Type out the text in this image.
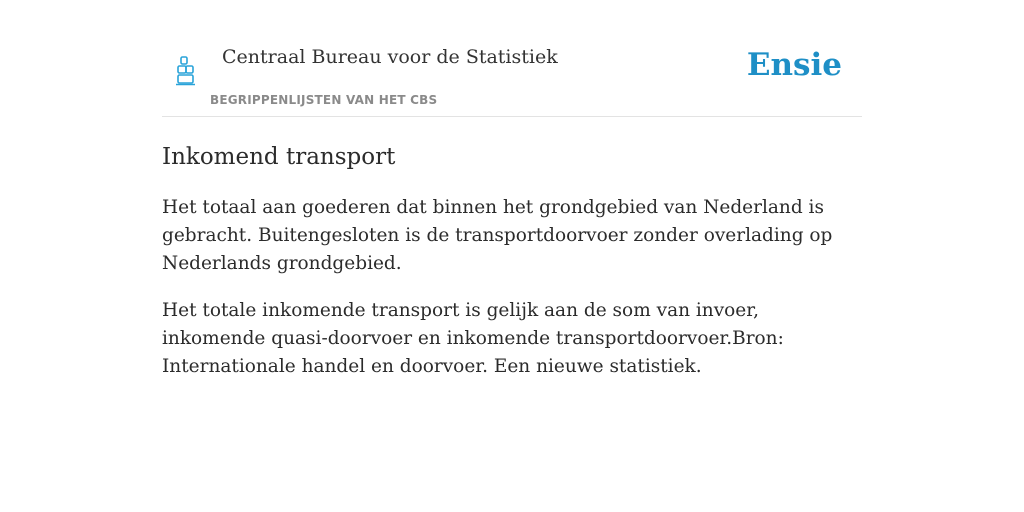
Centraal Bureau voor de Statistiek
BEGRIPPENLIJSTEN VAN HET CBS
Ensie
Inkomend transport

Het totaal aan goederen dat binnen het grondgebied van Nederland is gebracht. Buitengesloten is de transportdoorvoer zonder overlading op Nederlands grondgebied.

Het totale inkomende transport is gelijk aan de som van invoer, inkomende quasi-doorvoer en inkomende transportdoorvoer.Bron: Internationale handel en doorvoer. Een nieuwe statistiek.
